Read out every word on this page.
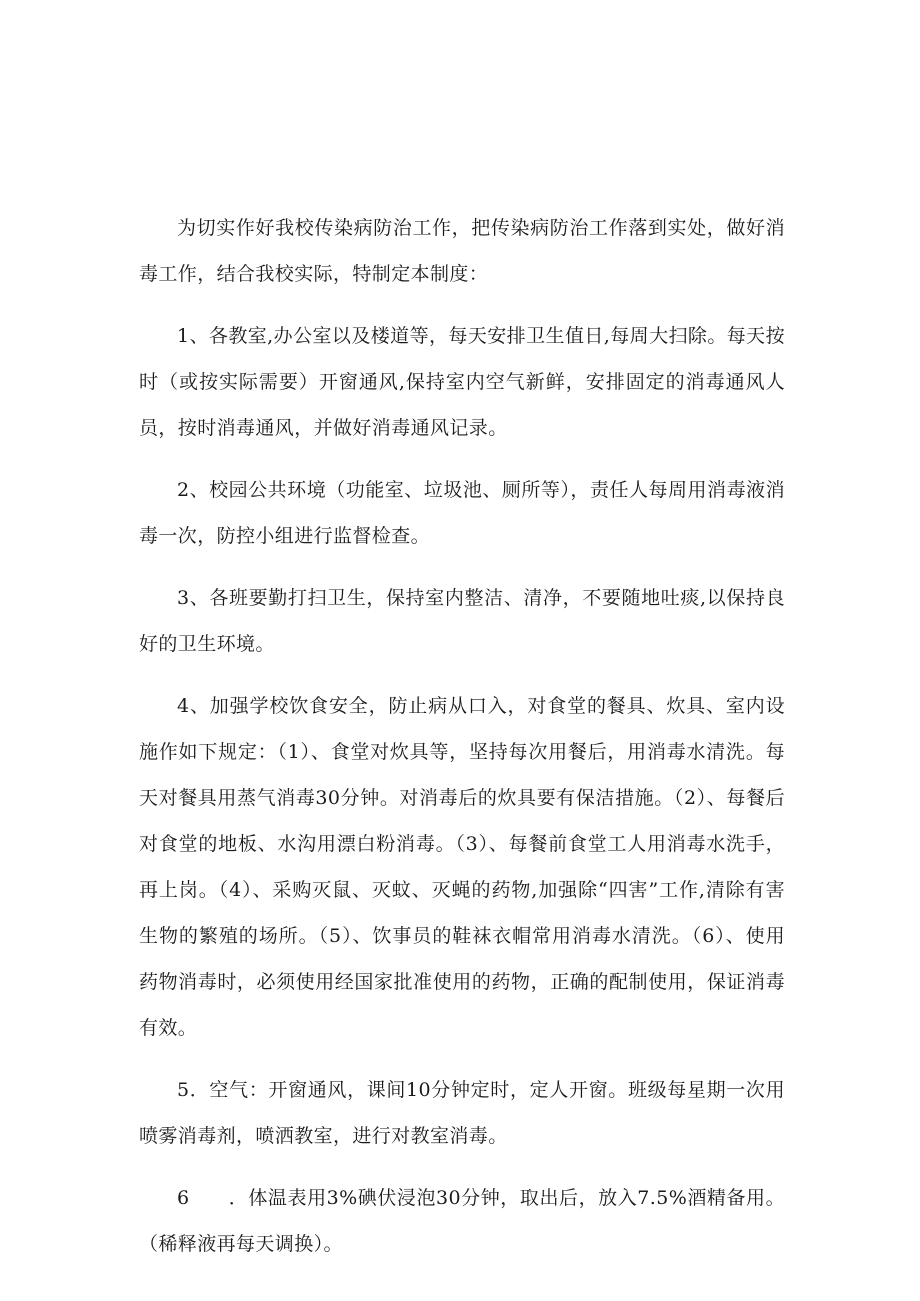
为切实作好我校传染病防治工作，把传染病防治工作落到实处，做好消毒工作，结合我校实际，特制定本制度：

1、各教室,办公室以及楼道等，每天安排卫生值日,每周大扫除。每天按时（或按实际需要）开窗通风,保持室内空气新鲜，安排固定的消毒通风人员，按时消毒通风，并做好消毒通风记录。

2、校园公共环境（功能室、垃圾池、厕所等），责任人每周用消毒液消毒一次，防控小组进行监督检查。

3、各班要勤打扫卫生，保持室内整洁、清净，不要随地吐痰,以保持良好的卫生环境。

4、加强学校饮食安全，防止病从口入，对食堂的餐具、炊具、室内设施作如下规定：（1）、食堂对炊具等，坚持每次用餐后，用消毒水清洗。每天对餐具用蒸气消毒30分钟。对消毒后的炊具要有保洁措施。（2）、每餐后对食堂的地板、水沟用漂白粉消毒。（3）、每餐前食堂工人用消毒水洗手，再上岗。（4）、采购灭鼠、灭蚊、灭蝇的药物,加强除“四害”工作,清除有害生物的繁殖的场所。（5）、饮事员的鞋袜衣帽常用消毒水清洗。（6）、使用药物消毒时，必须使用经国家批准使用的药物，正确的配制使用，保证消毒有效。

5．空气：开窗通风，课间10分钟定时，定人开窗。班级每星期一次用喷雾消毒剂，喷洒教室，进行对教室消毒。

6　　．体温表用3%碘伏浸泡30分钟，取出后，放入7.5%酒精备用。（稀释液再每天调换）。
